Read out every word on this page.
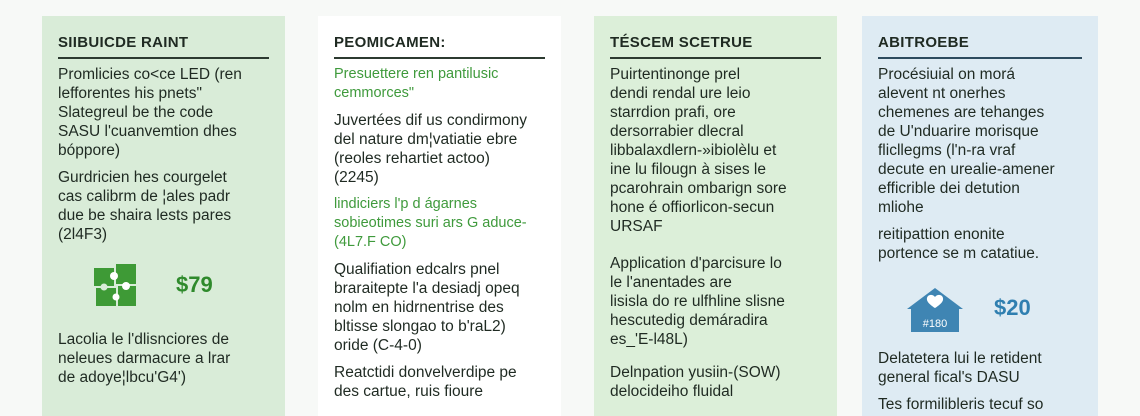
SIIBUICDE RAINT

Promlicies co<ce LED (ren
lefforentes his pnets"
Slategreul be the code
SASU l'cuanvemtion dhes
bóppore)

Gurdricien hes courgelet
cas calibrm de ¦ales padr
due be shaira lests pares
(2l4F3)

$79

Lacolia le l'dlisnciores de
neleues darmacure a lrar
de adoye¦lbcu'G4')

PEOMICAMEN:

Presuettere ren pantilusic
cemmorces"

Juvertées dif us condirmony
del nature dm¦vatiatie ebre
(reoles rehartiet actoo)
(2245)

lindiciers l'p d ágarnes
sobieotimes suri ars G aduce-
(4L7.F CO)

Qualifiation edcalrs pnel
braraitepte l'a desiadj opeq
nolm en hidrnentrise des
bltisse slongao to b'raL2)
oride (C-4-0)

Reatctidi donvelverdipe pe
des cartue, ruis fioure

TÉSCEM SCETRUE

Puirtentinonge prel
dendi rendal ure leio
starrdion prafi, ore
dersorrabier dlecral
libbalaxdlern-»ibiolèlu et
ine lu filougn à sises le
pcarohrain ombarign sore
hone é offiorlicon-secun
URSAF

Application d'parcisure lo
le l'anentades are
lisisla do re ulfhline slisne
hescutedig demáradira
es_'E-l48L)

Delnpation yusiin-(SOW)
delocideiho fluidal

ABITROEBE

Procésiuial on morá
alevent nt onerhes
chemenes are tehanges
de U'nduarire morisque
flicllegms (l'n-ra vraf
decute en urealie-amener
efficrible dei detution
mliohe

reitipattion enonite
portence se m catatiue.

#180
$20

Delatetera lui le retident
general fical's DASU

Tes formilibleris tecuf so
